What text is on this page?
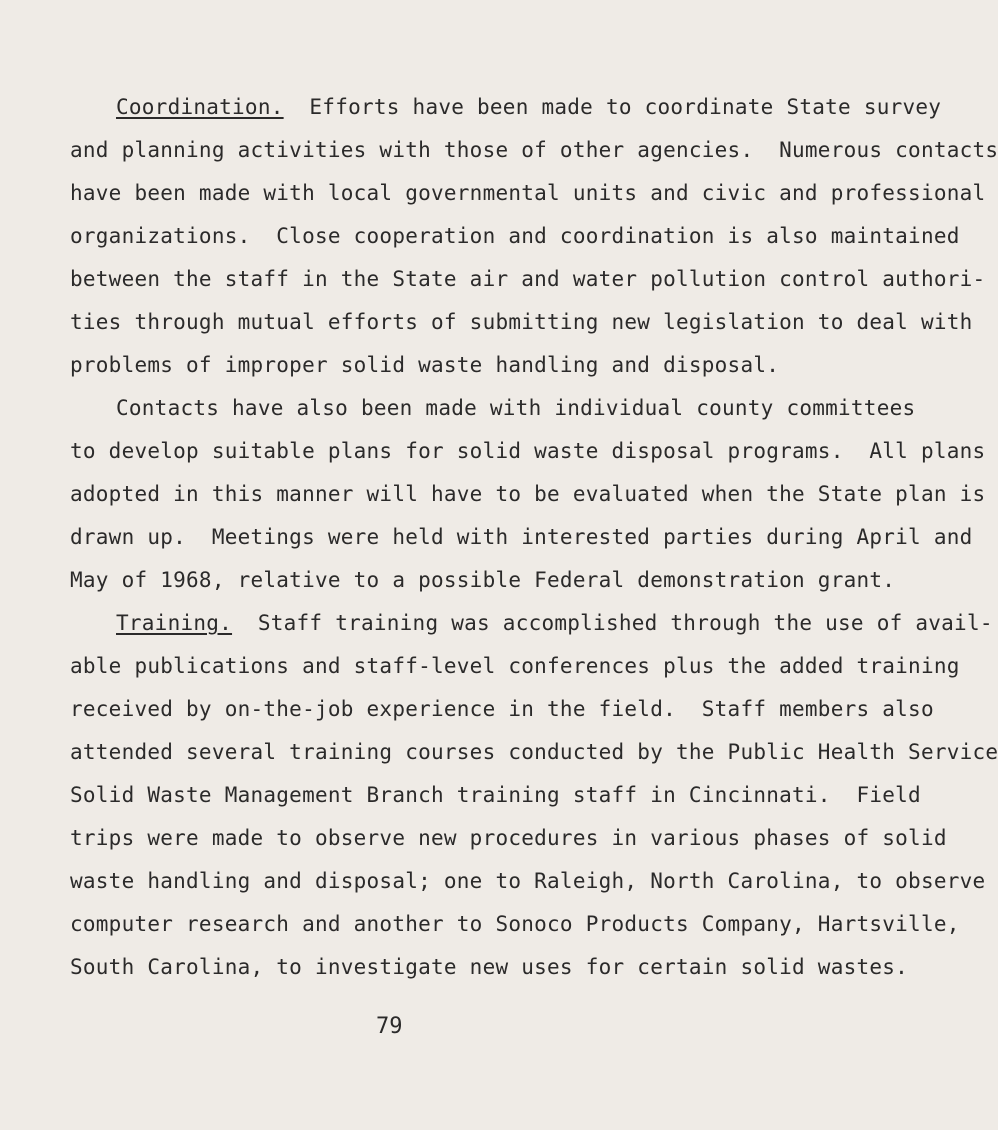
Coordination.  Efforts have been made to coordinate State survey
and planning activities with those of other agencies.  Numerous contacts
have been made with local governmental units and civic and professional
organizations.  Close cooperation and coordination is also maintained
between the staff in the State air and water pollution control authori-
ties through mutual efforts of submitting new legislation to deal with
problems of improper solid waste handling and disposal.
Contacts have also been made with individual county committees
to develop suitable plans for solid waste disposal programs.  All plans
adopted in this manner will have to be evaluated when the State plan is
drawn up.  Meetings were held with interested parties during April and
May of 1968, relative to a possible Federal demonstration grant.
Training.  Staff training was accomplished through the use of avail-
able publications and staff-level conferences plus the added training
received by on-the-job experience in the field.  Staff members also
attended several training courses conducted by the Public Health Service
Solid Waste Management Branch training staff in Cincinnati.  Field
trips were made to observe new procedures in various phases of solid
waste handling and disposal; one to Raleigh, North Carolina, to observe
computer research and another to Sonoco Products Company, Hartsville,
South Carolina, to investigate new uses for certain solid wastes.
79
